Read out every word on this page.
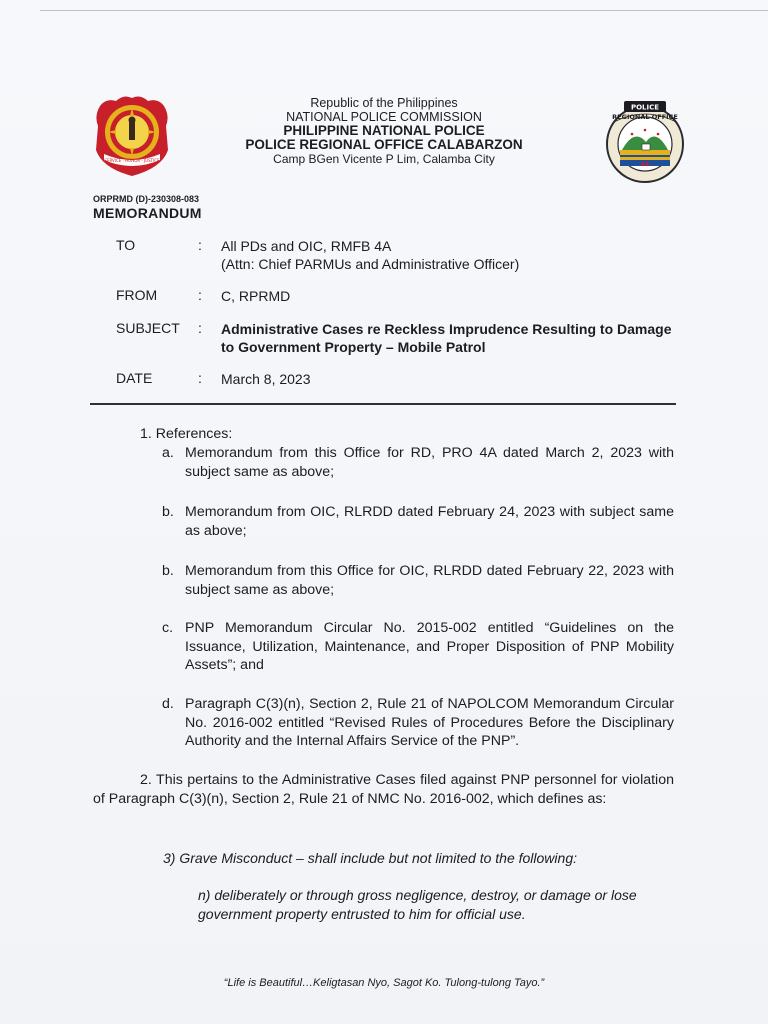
SERVICE · HONOR · JUSTICE
POLICE
REGIONAL OFFICE
4A
Republic of the Philippines
NATIONAL POLICE COMMISSION
PHILIPPINE NATIONAL POLICE
POLICE REGIONAL OFFICE CALABARZON
Camp BGen Vicente P Lim, Calamba City
ORPRMD (D)-230308-083
MEMORANDUM
TO	: All PDs and OIC, RMFB 4A
(Attn: Chief PARMUs and Administrative Officer)
FROM	: C, RPRMD
SUBJECT	: Administrative Cases re Reckless Imprudence Resulting to Damage to Government Property – Mobile Patrol
DATE	: March 8, 2023
1. References:
a. Memorandum from this Office for RD, PRO 4A dated March 2, 2023 with subject same as above;
b. Memorandum from OIC, RLRDD dated February 24, 2023 with subject same as above;
b. Memorandum from this Office for OIC, RLRDD dated February 22, 2023 with subject same as above;
c. PNP Memorandum Circular No. 2015-002 entitled “Guidelines on the Issuance, Utilization, Maintenance, and Proper Disposition of PNP Mobility Assets”; and
d. Paragraph C(3)(n), Section 2, Rule 21 of NAPOLCOM Memorandum Circular No. 2016-002 entitled “Revised Rules of Procedures Before the Disciplinary Authority and the Internal Affairs Service of the PNP”.
2. This pertains to the Administrative Cases filed against PNP personnel for violation of Paragraph C(3)(n), Section 2, Rule 21 of NMC No. 2016-002, which defines as:
3) Grave Misconduct – shall include but not limited to the following:
n) deliberately or through gross negligence, destroy, or damage or lose government property entrusted to him for official use.
“Life is Beautiful…Keligtasan Nyo, Sagot Ko. Tulong-tulong Tayo.”
